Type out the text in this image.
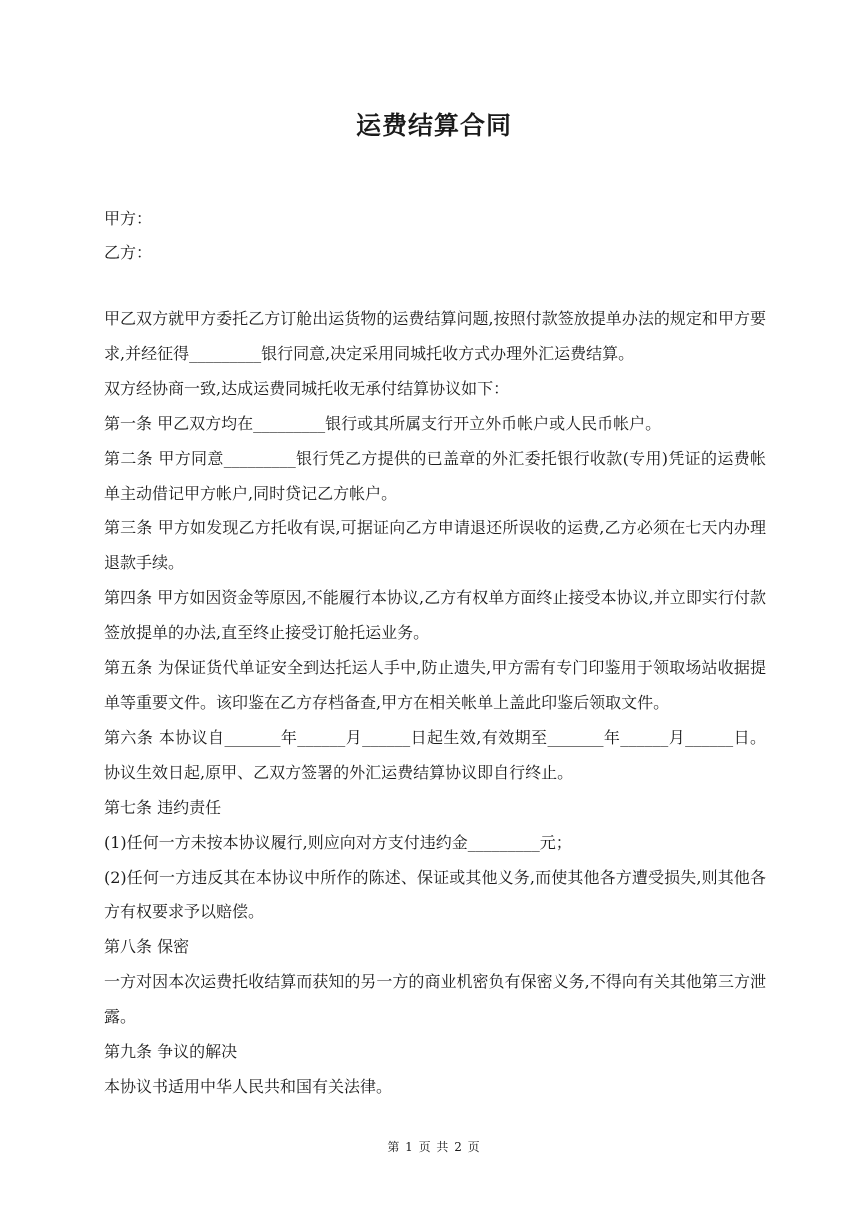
运费结算合同
甲方：
乙方：

甲乙双方就甲方委托乙方订舱出运货物的运费结算问题,按照付款签放提单办法的规定和甲方要求,并经征得_________银行同意,决定采用同城托收方式办理外汇运费结算。

双方经协商一致,达成运费同城托收无承付结算协议如下：

第一条 甲乙双方均在_________银行或其所属支行开立外币帐户或人民币帐户。

第二条 甲方同意_________银行凭乙方提供的已盖章的外汇委托银行收款(专用)凭证的运费帐单主动借记甲方帐户,同时贷记乙方帐户。

第三条 甲方如发现乙方托收有误,可据证向乙方申请退还所误收的运费,乙方必须在七天内办理退款手续。

第四条 甲方如因资金等原因,不能履行本协议,乙方有权单方面终止接受本协议,并立即实行付款签放提单的办法,直至终止接受订舱托运业务。

第五条 为保证货代单证安全到达托运人手中,防止遗失,甲方需有专门印鉴用于领取场站收据提单等重要文件。该印鉴在乙方存档备查,甲方在相关帐单上盖此印鉴后领取文件。

第六条 本协议自_______年______月______日起生效,有效期至_______年______月______日。协议生效日起,原甲、乙双方签署的外汇运费结算协议即自行终止。

第七条 违约责任

(1)任何一方未按本协议履行,则应向对方支付违约金_________元；

(2)任何一方违反其在本协议中所作的陈述、保证或其他义务,而使其他各方遭受损失,则其他各方有权要求予以赔偿。

第八条 保密

一方对因本次运费托收结算而获知的另一方的商业机密负有保密义务,不得向有关其他第三方泄露。

第九条 争议的解决

本协议书适用中华人民共和国有关法律。

第 1 页 共 2 页
